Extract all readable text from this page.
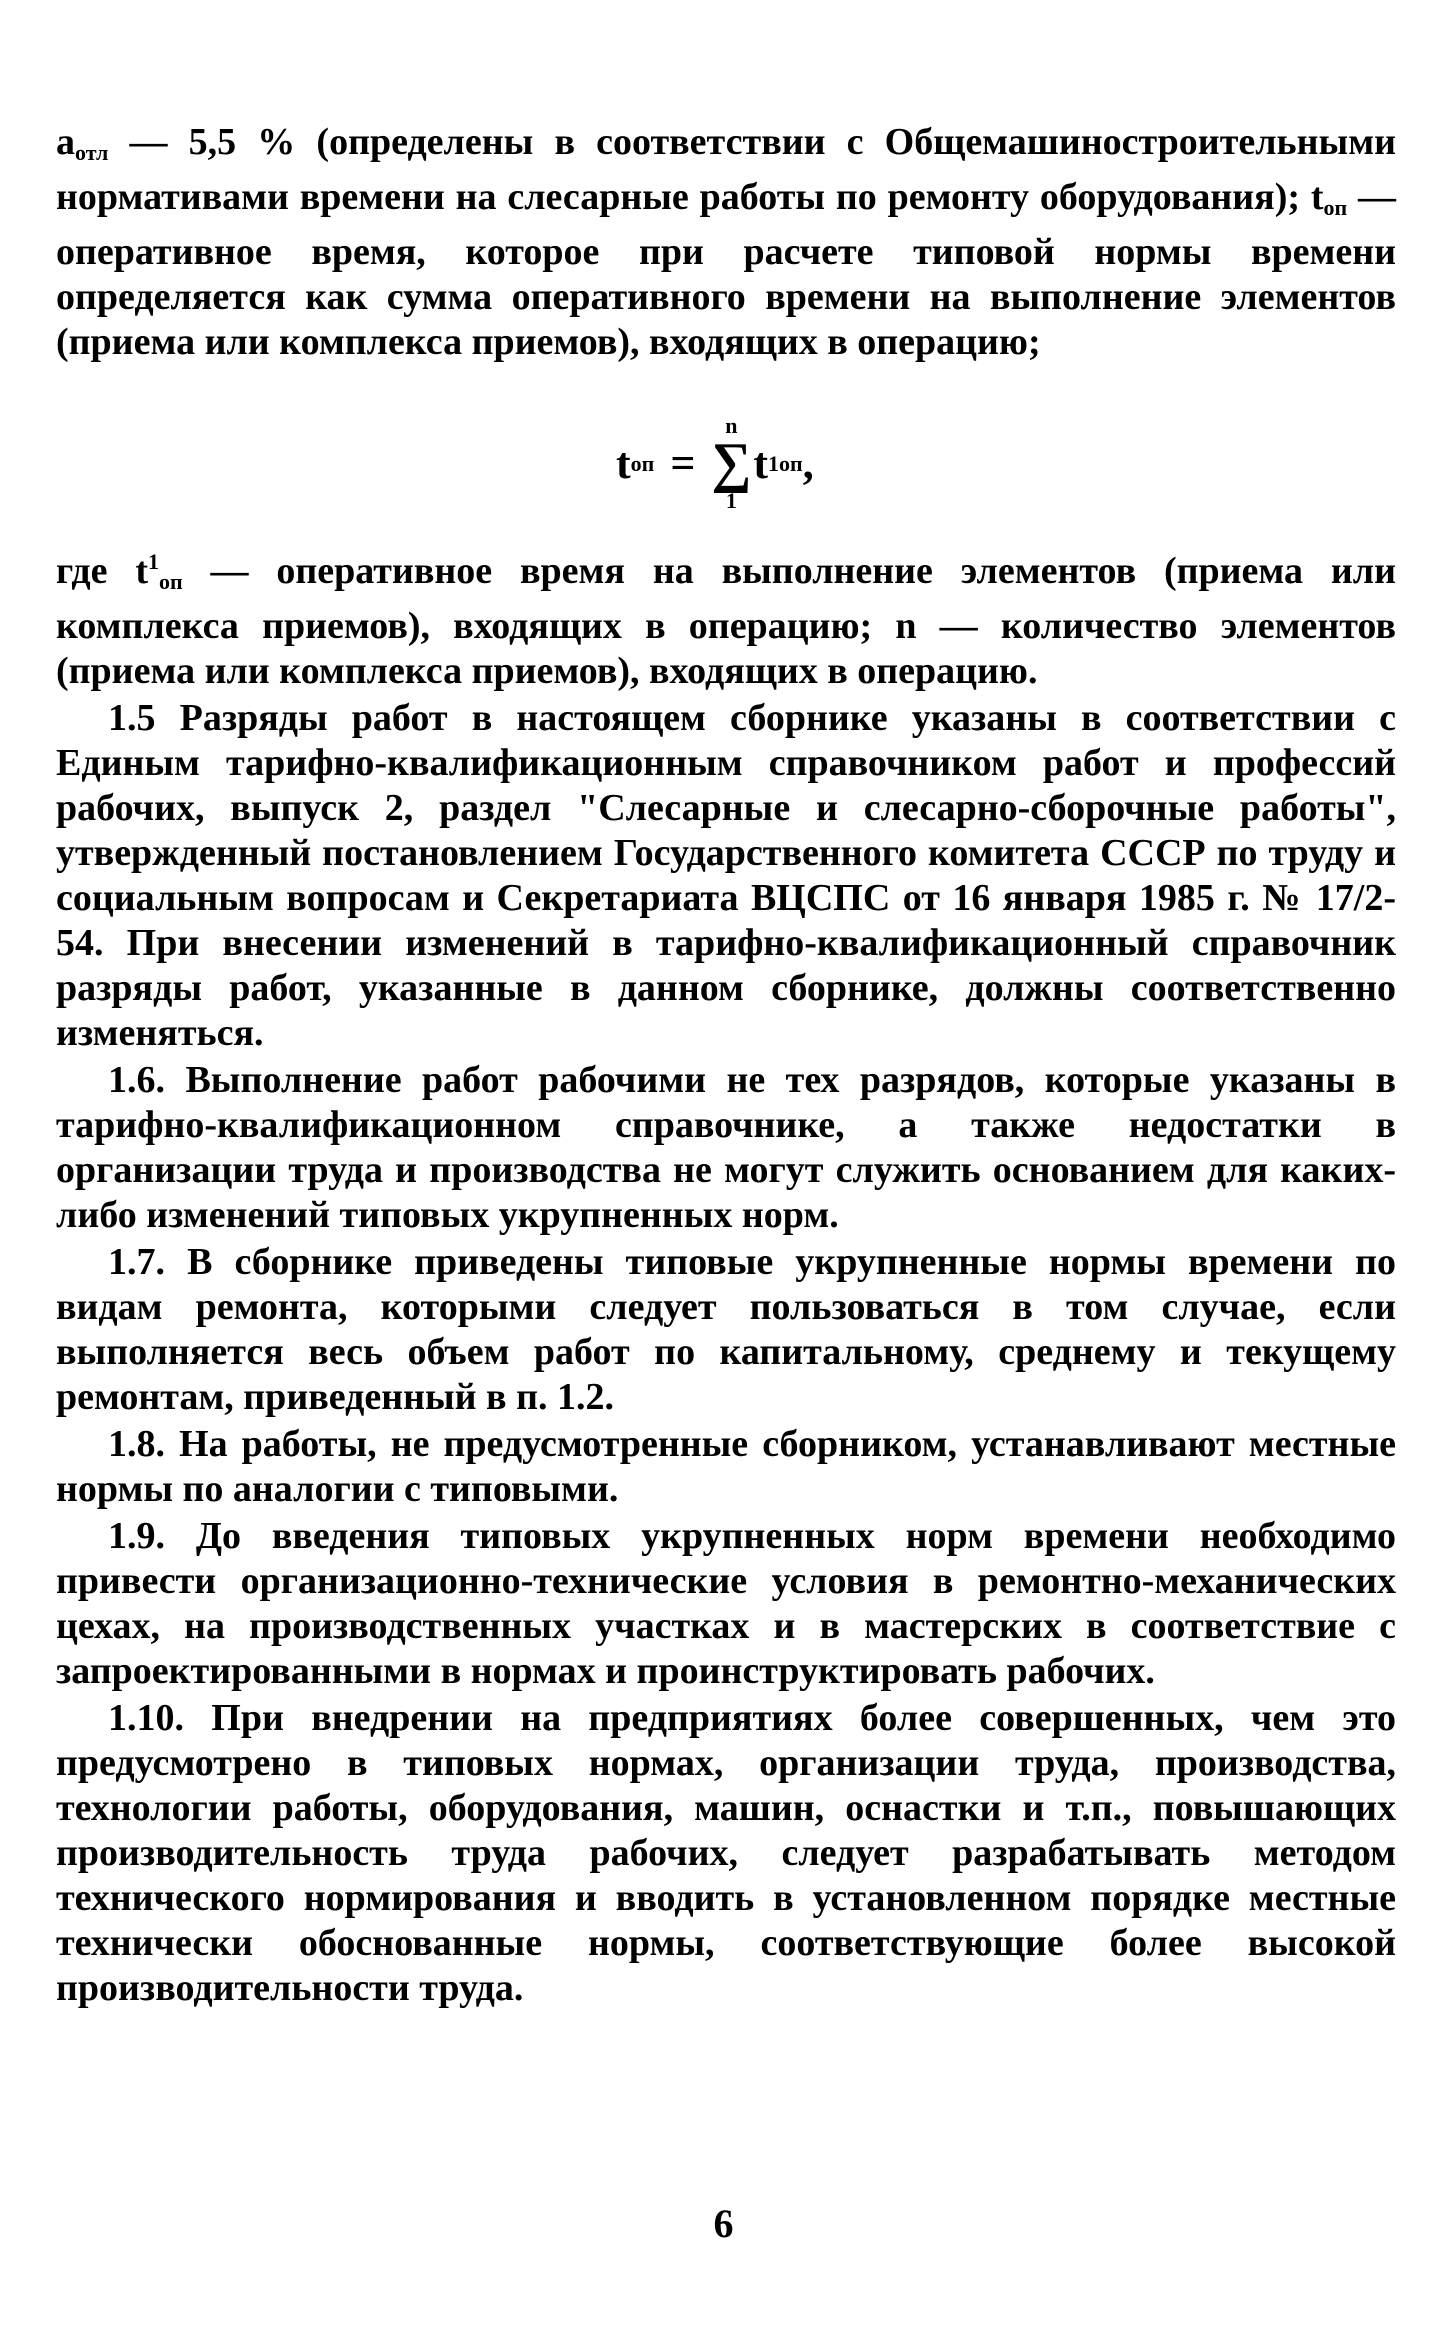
$а_{отл}$ — 5,5 % (определены в соответствии с Общемашиностроительными нормативами времени на слесарные работы по ремонту оборудования); $t_{оп}$ — оперативное время, которое при расчете типовой нормы времени определяется как сумма оперативного времени на выполнение элементов (приема или комплекса приемов), входящих в операцию;

t оп =
n
∑
1
t 1 оп ,

где $t^1_{оп}$ — оперативное время на выполнение элементов (приема или комплекса приемов), входящих в операцию; n — количество элементов (приема или комплекса приемов), входящих в операцию.

1.5 Разряды работ в настоящем сборнике указаны в соответствии с Единым тарифно-квалификационным справочником работ и профессий рабочих, выпуск 2, раздел "Слесарные и слесарно-сборочные работы", утвержденный постановлением Государственного комитета СССР по труду и социальным вопросам и Секретариата ВЦСПС от 16 января 1985 г. № 17/2-54. При внесении изменений в тарифно-квалификационный справочник разряды работ, указанные в данном сборнике, должны соответственно изменяться.

1.6. Выполнение работ рабочими не тех разрядов, которые указаны в тарифно-квалификационном справочнике, а также недостатки в организации труда и производства не могут служить основанием для каких-либо изменений типовых укрупненных норм.

1.7. В сборнике приведены типовые укрупненные нормы времени по видам ремонта, которыми следует пользоваться в том случае, если выполняется весь объем работ по капитальному, среднему и текущему ремонтам, приведенный в п. 1.2.

1.8. На работы, не предусмотренные сборником, устанавливают местные нормы по аналогии с типовыми.

1.9. До введения типовых укрупненных норм времени необходимо привести организационно-технические условия в ремонтно-механических цехах, на производственных участках и в мастерских в соответствие с запроектированными в нормах и проинструктировать рабочих.

1.10. При внедрении на предприятиях более совершенных, чем это предусмотрено в типовых нормах, организации труда, производства, технологии работы, оборудования, машин, оснастки и т.п., повышающих производительность труда рабочих, следует разрабатывать методом технического нормирования и вводить в установленном порядке местные технически обоснованные нормы, соответствующие более высокой производительности труда.

6
